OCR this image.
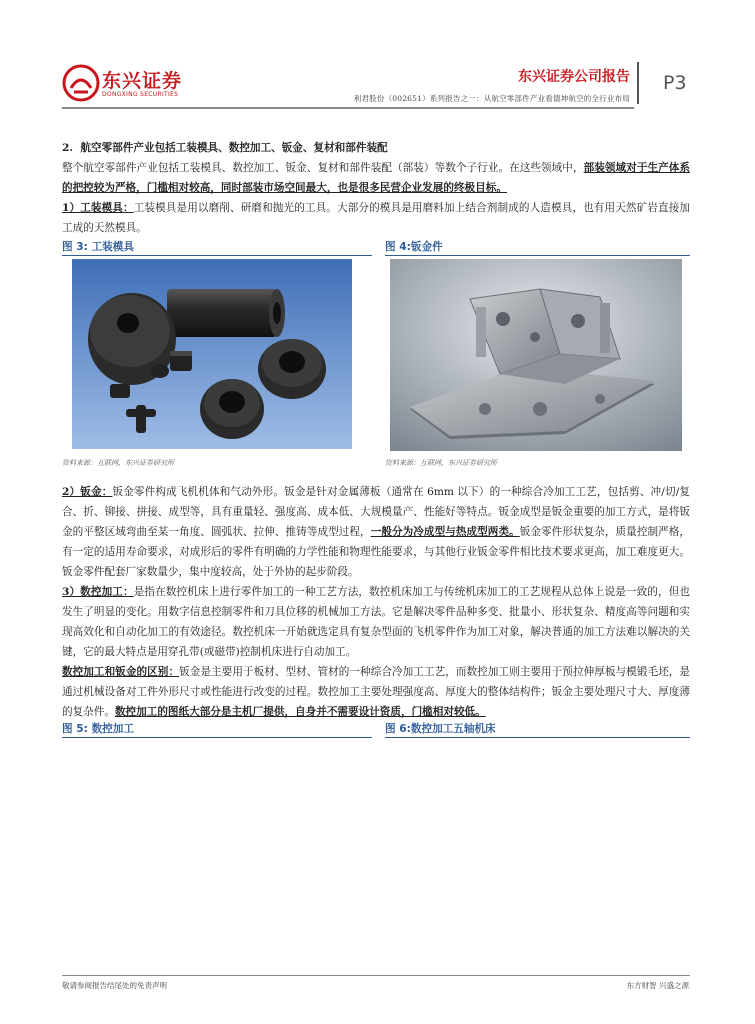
东兴证券
DONGXING SECURITIES
东兴证券公司报告
利君股份（002651）系列报告之一：从航空零部件产业看德坤航空的全行业布局
P3
2.  航空零部件产业包括工装模具、数控加工、钣金、复材和部件装配
整个航空零部件产业包括工装模具、数控加工、钣金、复材和部件装配（部装）等数个子行业。在这些领域中，部装领域对于生产体系的把控较为严格，门槛相对较高，同时部装市场空间最大，也是很多民营企业发展的终极目标。
1）工装模具：工装模具是用以磨削、研磨和抛光的工具。大部分的模具是用磨料加上结合剂制成的人造模具，也有用天然矿岩直接加工成的天然模具。
图 3: 工装模具	图 4:钣金件
资料来源：互联网，东兴证券研究所	资料来源：互联网，东兴证券研究所
2）钣金：钣金零件构成飞机机体和气动外形。钣金是针对金属薄板（通常在 6mm 以下）的一种综合冷加工工艺，包括剪、冲/切/复合、折、铆接、拼接、成型等，具有重量轻、强度高、成本低、大规模量产、性能好等特点。钣金成型是钣金重要的加工方式，是将钣金的平整区域弯曲至某一角度、圆弧状、拉伸、推铸等成型过程，一般分为冷成型与热成型两类。钣金零件形状复杂，质量控制严格，有一定的适用寿命要求，对成形后的零件有明确的力学性能和物理性能要求，与其他行业钣金零件相比技术要求更高，加工难度更大。钣金零件配套厂家数量少，集中度较高，处于外协的起步阶段。
3）数控加工：是指在数控机床上进行零件加工的一种工艺方法，数控机床加工与传统机床加工的工艺规程从总体上说是一致的，但也发生了明显的变化。用数字信息控制零件和刀具位移的机械加工方法。它是解决零件品种多变、批量小、形状复杂、精度高等问题和实现高效化和自动化加工的有效途径。数控机床一开始就选定具有复杂型面的飞机零件作为加工对象，解决普通的加工方法难以解决的关键，它的最大特点是用穿孔带(或磁带)控制机床进行自动加工。
数控加工和钣金的区别：钣金是主要用于板材、型材、管材的一种综合冷加工工艺，而数控加工则主要用于预拉伸厚板与模锻毛坯，是通过机械设备对工件外形尺寸或性能进行改变的过程。数控加工主要处理强度高、厚度大的整体结构件；钣金主要处理尺寸大、厚度薄的复杂件。数控加工的图纸大部分是主机厂提供，自身并不需要设计资质，门槛相对较低。
图 5: 数控加工	图 6:数控加工五轴机床
敬请参阅报告结尾处的免责声明	东方财智 兴盛之源
